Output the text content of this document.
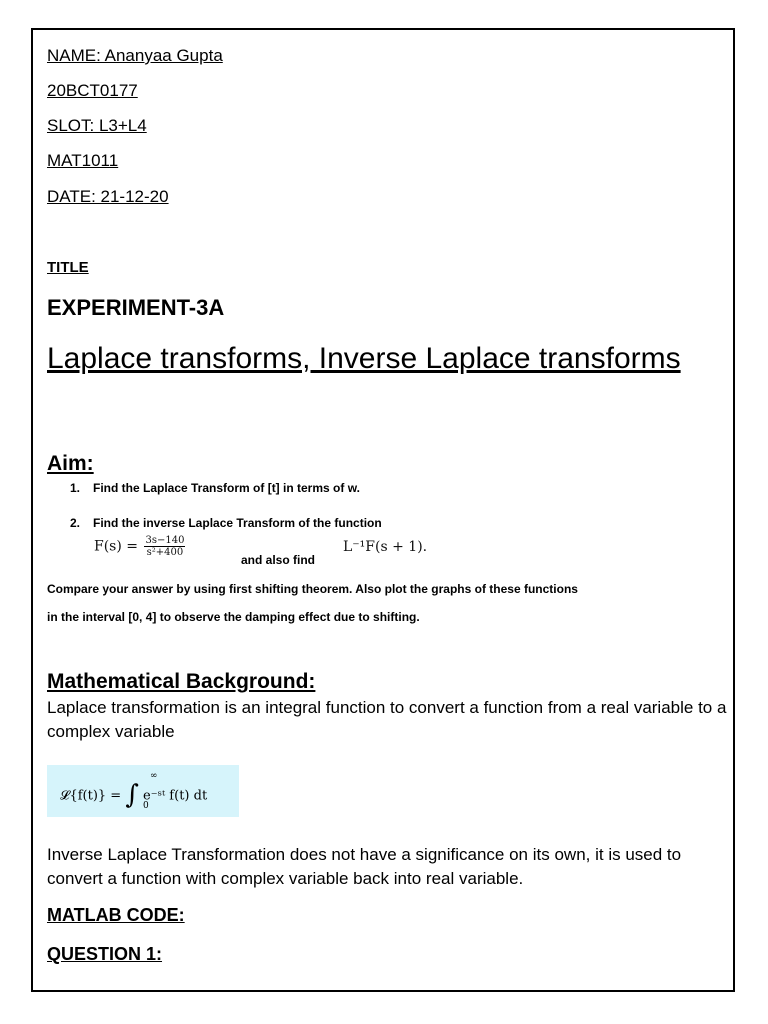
NAME: Ananyaa Gupta
20BCT0177
SLOT: L3+L4
MAT1011
DATE: 21-12-20
TITLE
EXPERIMENT-3A
Laplace transforms, Inverse Laplace transforms
Aim:
1. Find the Laplace Transform of [t] in terms of w.
2. Find the inverse Laplace Transform of the function
$F(s) = \frac{3s-140}{\text{s²+400}}$
and also find
L⁻¹F(s + 1).
Compare your answer by using first shifting theorem. Also plot the graphs of these functions
in the interval [0, 4] to observe the damping effect due to shifting.
Mathematical Background:
Laplace transformation is an integral function to convert a function from a real variable to a complex variable
𝓛{f(t)} = ∫ e⁻ˢᵗ f(t) dt
∞
0
Inverse Laplace Transformation does not have a significance on its own, it is used to convert a function with complex variable back into real variable.
MATLAB CODE:
QUESTION 1:
